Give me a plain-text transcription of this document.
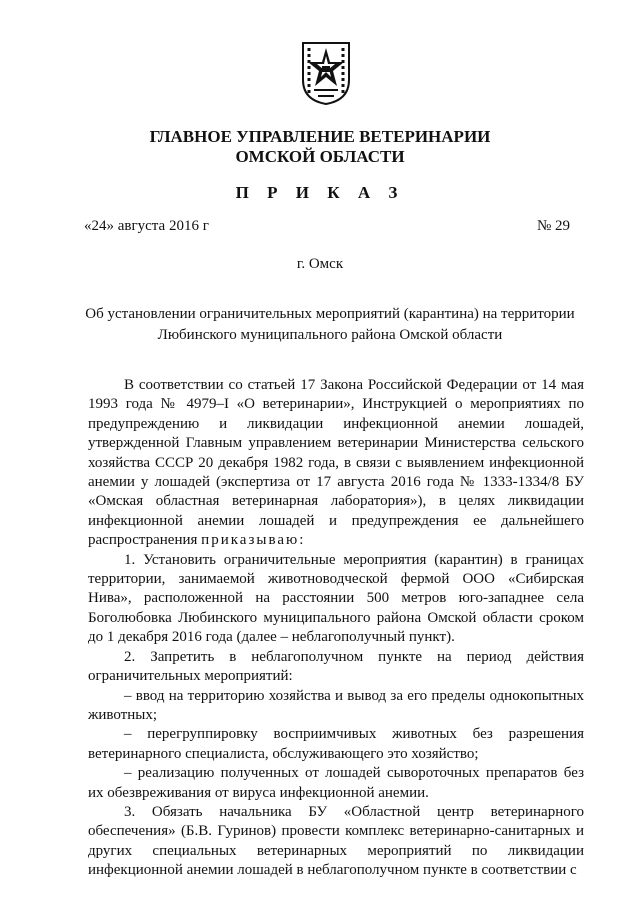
ГЛАВНОЕ УПРАВЛЕНИЕ ВЕТЕРИНАРИИ
ОМСКОЙ ОБЛАСТИ
П Р И К А З
«24» августа 2016 г	№ 29
г. Омск
Об установлении ограничительных мероприятий (карантина) на территории
Любинского муниципального района Омской области

В соответствии со статьей 17 Закона Российской Федерации от 14 мая 1993 года № 4979–I «О ветеринарии», Инструкцией о мероприятиях по предупреждению и ликвидации инфекционной анемии лошадей, утвержденной Главным управлением ветеринарии Министерства сельского хозяйства СССР 20 декабря 1982 года, в связи с выявлением инфекционной анемии у лошадей (экспертиза от 17 августа 2016 года № 1333-1334/8 БУ «Омская областная ветеринарная лаборатория»), в целях ликвидации инфекционной анемии лошадей и предупреждения ее дальнейшего распространения приказываю:

1. Установить ограничительные мероприятия (карантин) в границах территории, занимаемой животноводческой фермой ООО «Сибирская Нива», расположенной на расстоянии 500 метров юго-западнее села Боголюбовка Любинского муниципального района Омской области сроком до 1 декабря 2016 года (далее – неблагополучный пункт).

2. Запретить в неблагополучном пункте на период действия ограничительных мероприятий:

– ввод на территорию хозяйства и вывод за его пределы однокопытных животных;

– перегруппировку восприимчивых животных без разрешения ветеринарного специалиста, обслуживающего это хозяйство;

– реализацию полученных от лошадей сывороточных препаратов без их обезвреживания от вируса инфекционной анемии.

3. Обязать начальника БУ «Областной центр ветеринарного обеспечения» (Б.В. Гуринов) провести комплекс ветеринарно-санитарных и других специальных ветеринарных мероприятий по ликвидации инфекционной анемии лошадей в неблагополучном пункте в соответствии с
